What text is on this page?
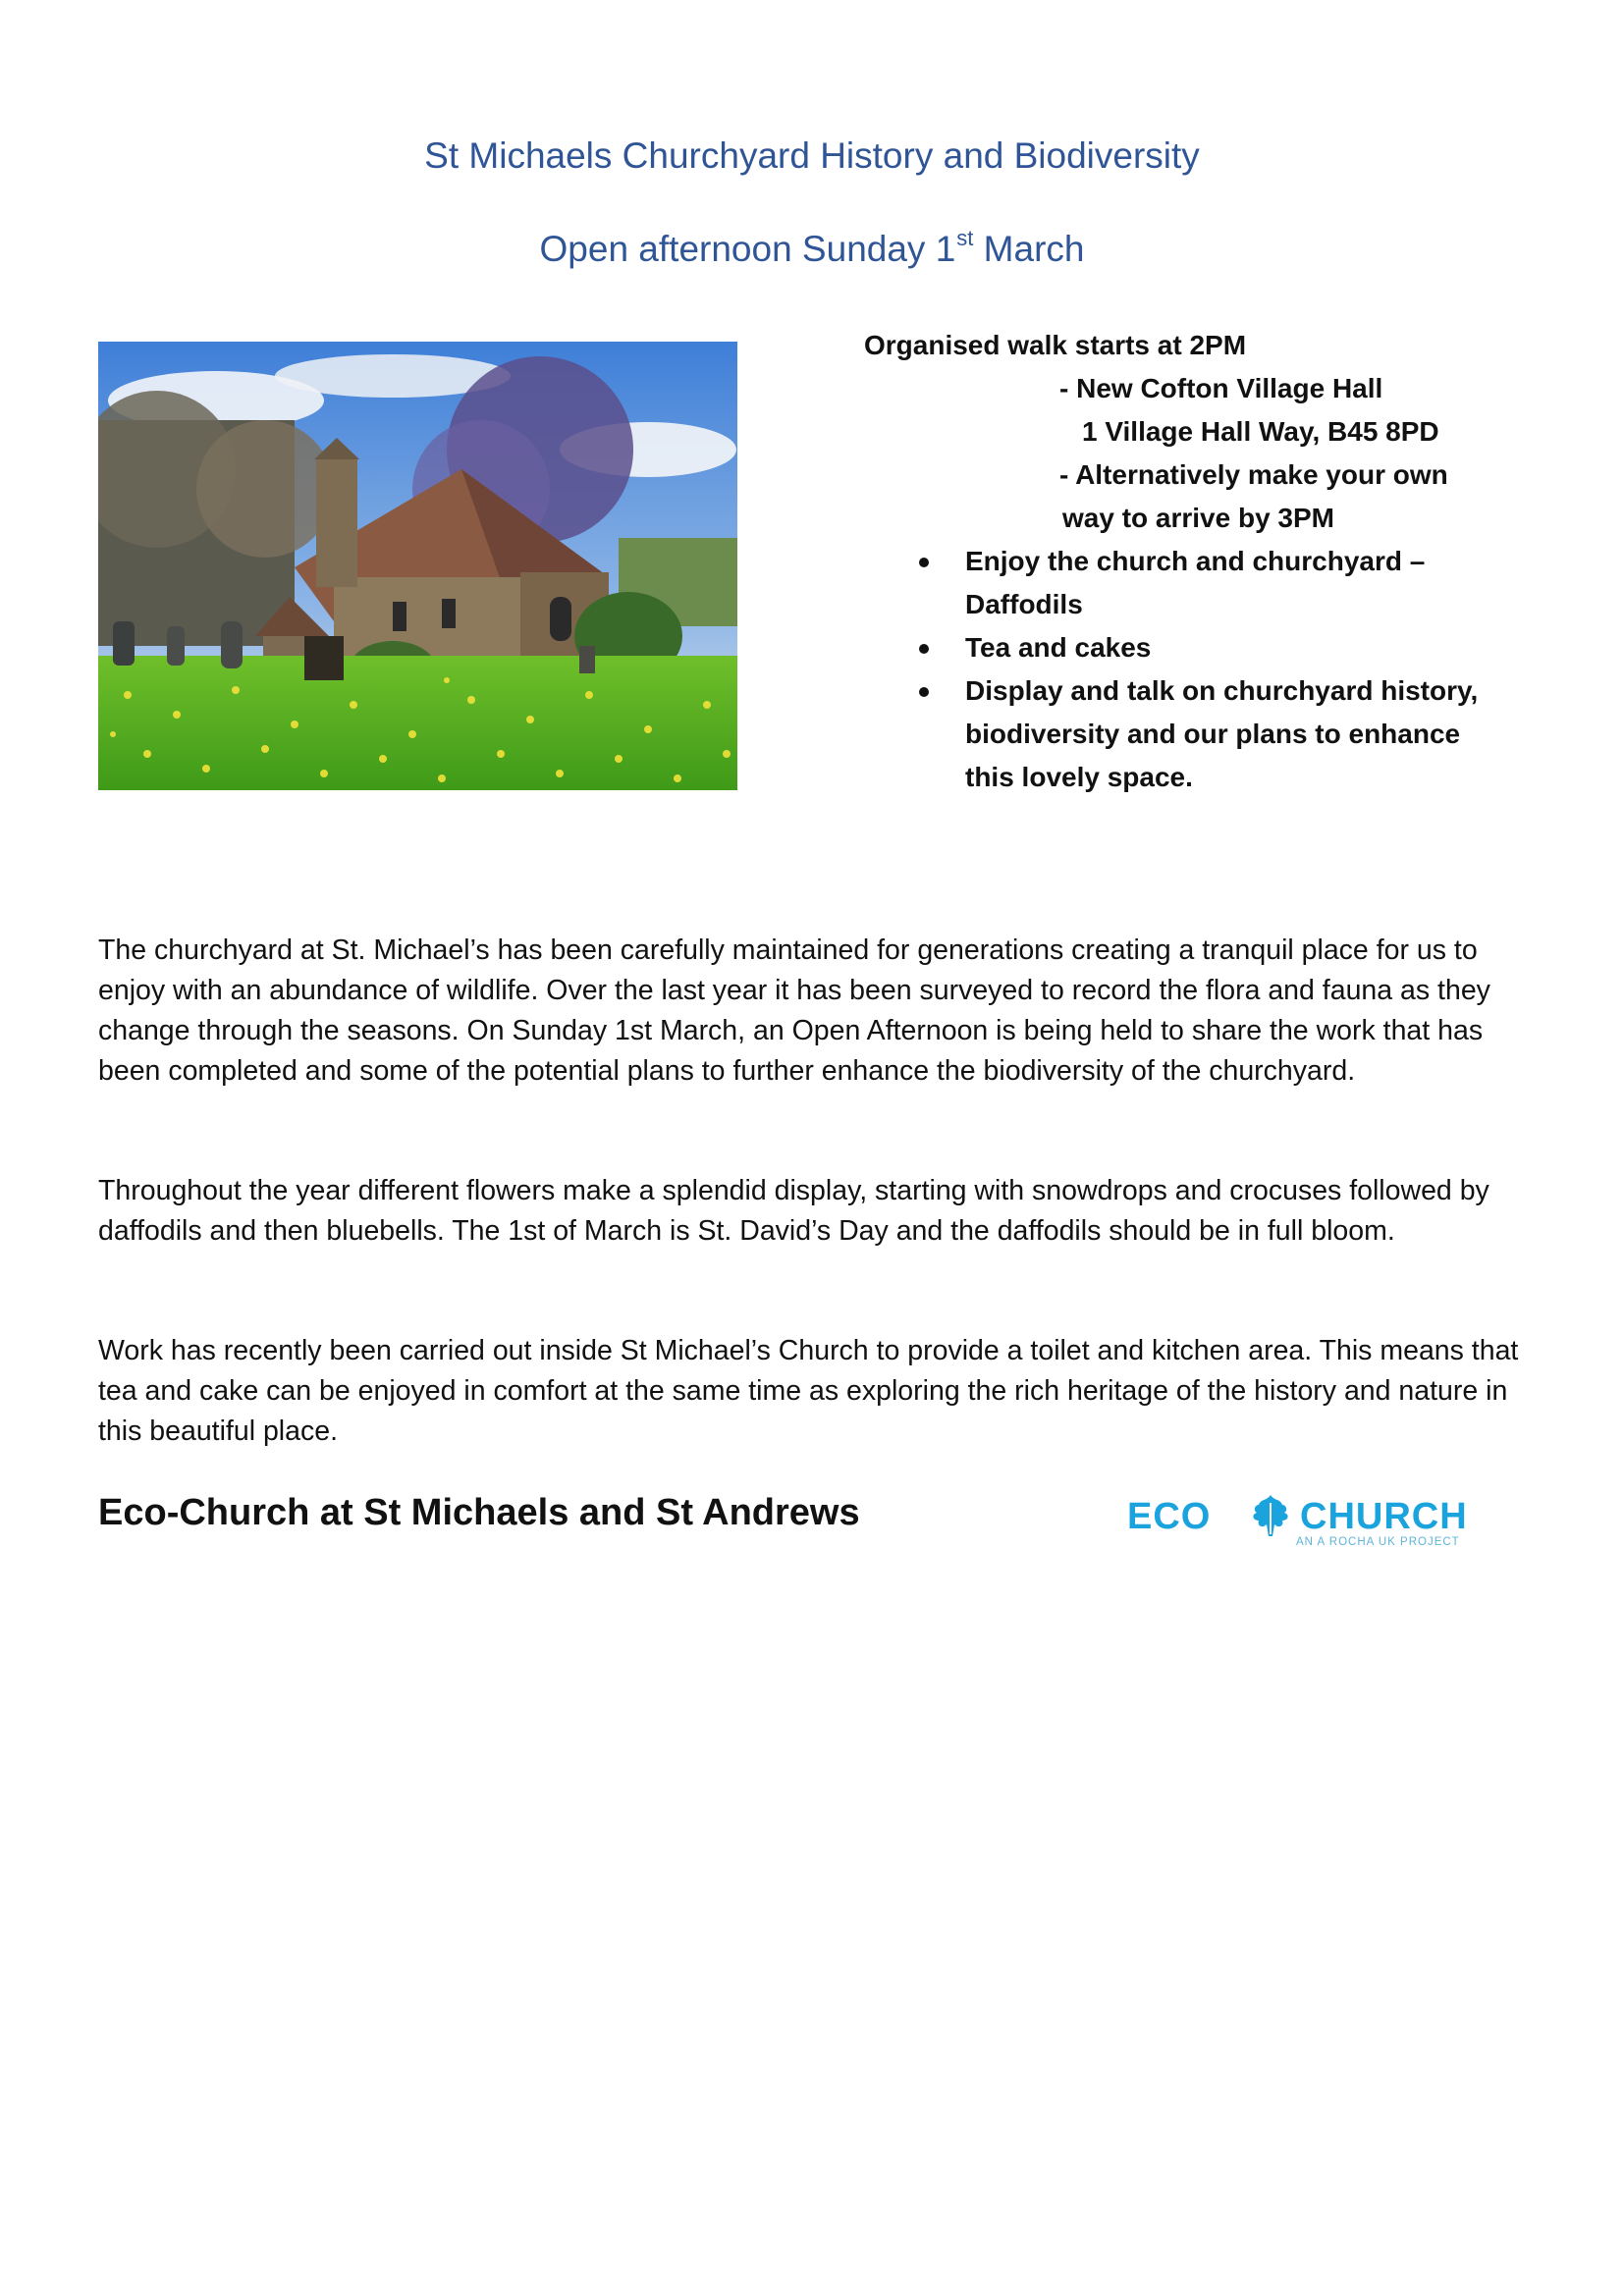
St Michaels Churchyard History and Biodiversity
Open afternoon Sunday 1st March
Organised walk starts at 2PM
- New Cofton Village Hall
1 Village Hall Way, B45 8PD
- Alternatively make your own
way to arrive by 3PM
Enjoy the church and churchyard –
Daffodils
Tea and cakes
Display and talk on churchyard history,
biodiversity and our plans to enhance
this lovely space.

The churchyard at St. Michael’s has been carefully maintained for generations creating a tranquil place for us to enjoy with an abundance of wildlife. Over the last year it has been surveyed to record the flora and fauna as they change through the seasons. On Sunday 1st March, an Open Afternoon is being held to share the work that has been completed and some of the potential plans to further enhance the biodiversity of the churchyard.

Throughout the year different flowers make a splendid display, starting with snowdrops and crocuses followed by daffodils and then bluebells. The 1st of March is St. David’s Day and the daffodils should be in full bloom.

Work has recently been carried out inside St Michael’s Church to provide a toilet and kitchen area. This means that tea and cake can be enjoyed in comfort at the same time as exploring the rich heritage of the history and nature in this beautiful place.

Eco-Church at St Michaels and St Andrews	ECO CHURCH
AN A ROCHA UK PROJECT
